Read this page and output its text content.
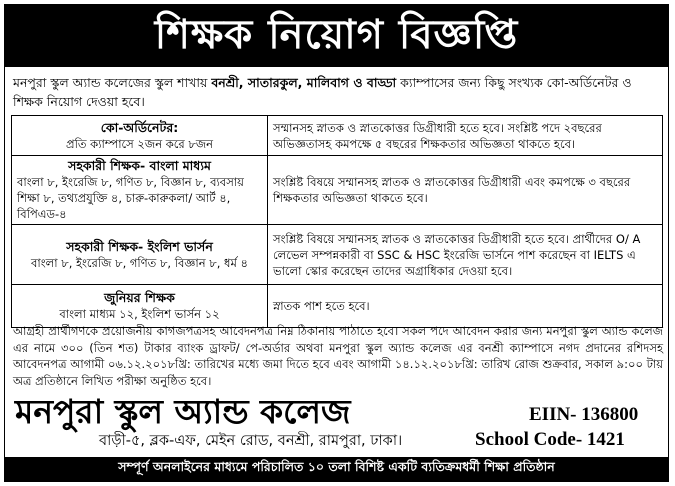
শিক্ষক নিয়োগ বিজ্ঞপ্তি
মনপুরা স্কুল অ্যান্ড কলেজের স্কুল শাখায় বনশ্রী, সাতারকুল, মালিবাগ ও বাড্ডা ক্যাম্পাসের জন্য কিছু সংখ্যক কো-অর্ডিনেটর ও শিক্ষক নিয়োগ দেওয়া হবে।
কো-অর্ডিনেটর:
প্রতি ক্যাম্পাসে ২জন করে ৮জন	সম্মানসহ স্নাতক ও স্নাতকোত্তর ডিগ্রীধারী হতে হবে। সংশ্লিষ্ট পদে ২বছরের অভিজ্ঞতাসহ কমপক্ষে ৫ বছরের শিক্ষকতার অভিজ্ঞতা থাকতে হবে।

সহকারী শিক্ষক- বাংলা মাধ্যম
বাংলা ৮, ইংরেজি ৮, গণিত ৮, বিজ্ঞান ৮, ব্যবসায় শিক্ষা ৮, তথ্যপ্রযুক্তি ৪, চারু-কারুকলা/ আর্ট ৪, বিপিএড-৪	সংশ্লিষ্ট বিষয়ে সম্মানসহ স্নাতক ও স্নাতকোত্তর ডিগ্রীধারী এবং কমপক্ষে ৩ বছরের শিক্ষকতার অভিজ্ঞতা থাকতে হবে।

সহকারী শিক্ষক- ইংলিশ ভার্সন
বাংলা ৮, ইংরেজি ৮, গণিত ৮, বিজ্ঞান ৮, ধর্ম ৪	সংশ্লিষ্ট বিষয়ে সম্মানসহ স্নাতক ও স্নাতকোত্তর ডিগ্রীধারী হতে হবে। প্রার্থীদের O/ A লেভেল সম্পন্নকারী বা SSC & HSC ইংরেজি ভার্সনে পাশ করেছেন বা IELTS এ ভালো স্কোর করেছেন তাদের অগ্রাধিকার দেওয়া হবে।

জুনিয়র শিক্ষক
বাংলা মাধ্যম ১২, ইংলিশ ভার্সন ১২	স্নাতক পাশ হতে হবে।
আগ্রহী প্রার্থীগণকে প্রয়োজনীয় কাগজপত্রসহ আবেদনপত্র নিম্ন ঠিকানায় পাঠাতে হবে। সকল পদে আবেদন করার জন্য মনপুরা স্কুল অ্যান্ড কলেজ এর নামে ৩০০ (তিন শত) টাকার ব্যাংক ড্রাফট/ পে-অর্ডার অথবা মনপুরা স্কুল অ্যান্ড কলেজ এর বনশ্রী ক্যাম্পাসে নগদ প্রদানের রশিদসহ আবেদনপত্র আগামী ০৬.১২.২০১৮খ্রি: তারিখের মধ্যে জমা দিতে হবে এবং আগামী ১৪.১২.২০১৮খ্রি: তারিখ রোজ শুক্রবার, সকাল ৯:০০ টায় অত্র প্রতিষ্ঠানে লিখিত পরীক্ষা অনুষ্ঠিত হবে।
মনপুরা স্কুল অ্যান্ড কলেজ	EIIN- 136800
বাড়ী-৫, ব্লক-এফ, মেইন রোড, বনশ্রী, রামপুরা, ঢাকা।	School Code- 1421
সম্পূর্ণ অনলাইনের মাধ্যমে পরিচালিত ১০ তলা বিশিষ্ট একটি ব্যতিক্রমধর্মী শিক্ষা প্রতিষ্ঠান
